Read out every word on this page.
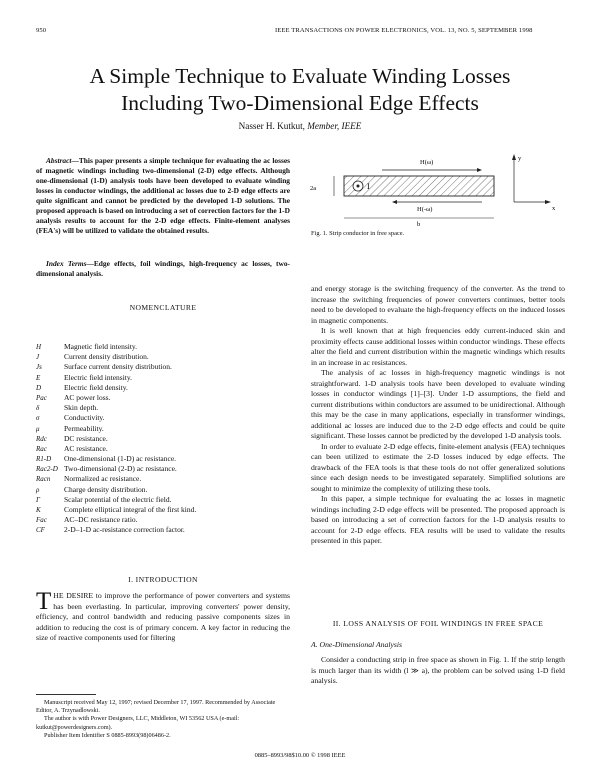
950	IEEE TRANSACTIONS ON POWER ELECTRONICS, VOL. 13, NO. 5, SEPTEMBER 1998
A Simple Technique to Evaluate Winding Losses
Including Two-Dimensional Edge Effects
Nasser H. Kutkut, Member, IEEE
Abstract—This paper presents a simple technique for evaluating the ac losses of magnetic windings including two-dimensional (2-D) edge effects. Although one-dimensional (1-D) analysis tools have been developed to evaluate winding losses in conductor windings, the additional ac losses due to 2-D edge effects are quite significant and cannot be predicted by the developed 1-D solutions. The proposed approach is based on introducing a set of correction factors for the 1-D analysis results to account for the 2-D edge effects. Finite-element analyses (FEA's) will be utilized to validate the obtained results.
Index Terms—Edge effects, foil windings, high-frequency ac losses, two-dimensional analysis.
NOMENCLATURE
H	Magnetic field intensity.
J	Current density distribution.
Js	Surface current density distribution.
E	Electric field intensity.
D	Electric field density.
Pac	AC power loss.
δ	Skin depth.
σ	Conductivity.
μ	Permeability.
Rdc	DC resistance.
Rac	AC resistance.
R1-D	One-dimensional (1-D) ac resistance.
Rac2-D Two-dimensional (2-D) ac resistance.
Racn	Normalized ac resistance.
ρ	Charge density distribution.
Γ	Scalar potential of the electric field.
K	Complete elliptical integral of the first kind.
Fac	AC–DC resistance ratio.
CF	2-D–1-D ac-resistance correction factor.
I. INTRODUCTION
THE DESIRE to improve the performance of power converters and systems has been everlasting. In particular, improving converters' power density, efficiency, and control bandwidth and reducing passive components sizes in addition to reducing the cost is of primary concern. A key factor in reducing the size of reactive components used for filtering
Manuscript received May 12, 1997; revised December 17, 1997. Recommended by Associate Editor, A. Trzynadlowski.
The author is with Power Designers, LLC, Middleton, WI 53562 USA (e-mail: kutkut@powerdesigners.com).
Publisher Item Identifier S 0885-8993(98)06486-2.
I
H(ω)
H(-ω)
2a
b
y
x
Fig. 1. Strip conductor in free space.

and energy storage is the switching frequency of the converter. As the trend to increase the switching frequencies of power converters continues, better tools need to be developed to evaluate the high-frequency effects on the induced losses in magnetic components.

It is well known that at high frequencies eddy current-induced skin and proximity effects cause additional losses within conductor windings. These effects alter the field and current distribution within the magnetic windings which results in an increase in ac resistances.

The analysis of ac losses in high-frequency magnetic windings is not straightforward. 1-D analysis tools have been developed to evaluate winding losses in conductor windings [1]–[3]. Under 1-D assumptions, the field and current distributions within conductors are assumed to be unidirectional. Although this may be the case in many applications, especially in transformer windings, additional ac losses are induced due to the 2-D edge effects and could be quite significant. These losses cannot be predicted by the developed 1-D analysis tools.

In order to evaluate 2-D edge effects, finite-element analysis (FEA) techniques can been utilized to estimate the 2-D losses induced by edge effects. The drawback of the FEA tools is that these tools do not offer generalized solutions since each design needs to be investigated separately. Simplified solutions are sought to minimize the complexity of utilizing these tools.

In this paper, a simple technique for evaluating the ac losses in magnetic windings including 2-D edge effects will be presented. The proposed approach is based on introducing a set of correction factors for the 1-D analysis results to account for 2-D edge effects. FEA results will be used to validate the results presented in this paper.

II. LOSS ANALYSIS OF FOIL WINDINGS IN FREE SPACE
A. One-Dimensional Analysis

Consider a conducting strip in free space as shown in Fig. 1. If the strip length is much larger than its width (l ≫ a), the problem can be solved using 1-D field analysis.

0885–8993/98$10.00 © 1998 IEEE
